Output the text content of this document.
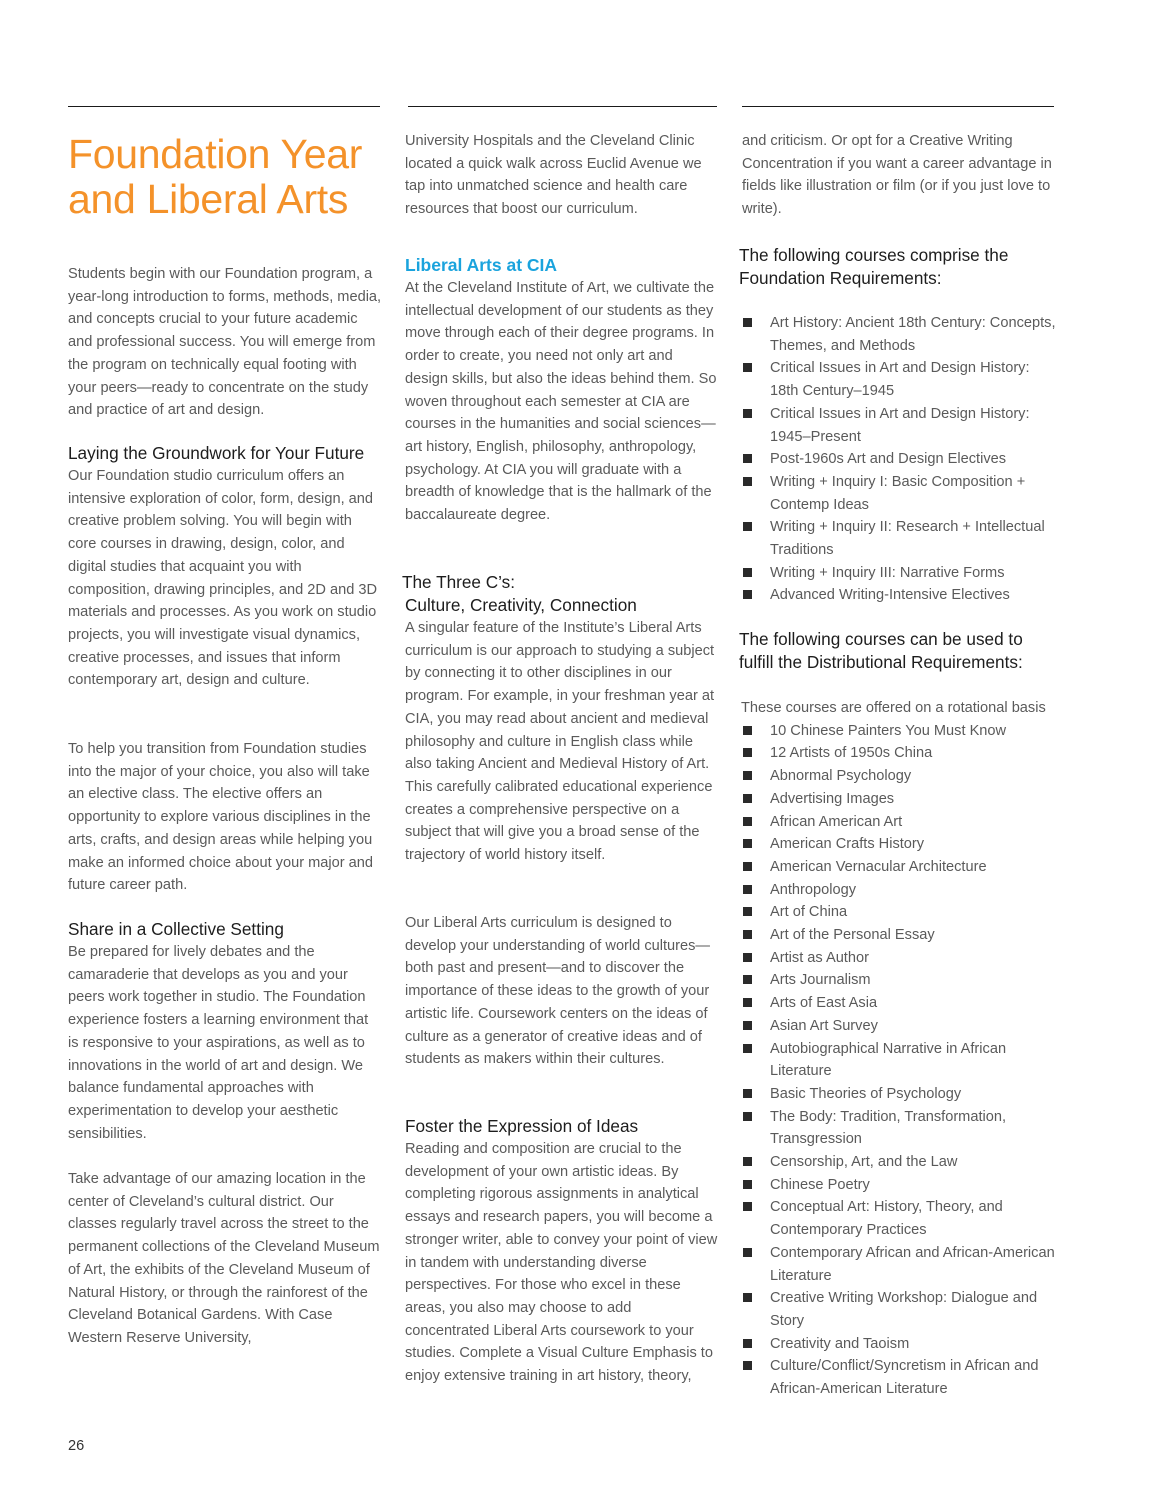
Foundation Year and Liberal Arts

Students begin with our Foundation program, a year-long introduction to forms, methods, media, and concepts crucial to your future academic and professional success. You will emerge from the program on technically equal footing with your peers—ready to concentrate on the study and practice of art and design.

Laying the Groundwork for Your Future

Our Foundation studio curriculum offers an intensive exploration of color, form, design, and creative problem solving. You will begin with core courses in drawing, design, color, and digital studies that acquaint you with composition, drawing principles, and 2D and 3D materials and processes. As you work on studio projects, you will investigate visual dynamics, creative processes, and issues that inform contemporary art, design and culture.

To help you transition from Foundation studies into the major of your choice, you also will take an elective class. The elective offers an opportunity to explore various disciplines in the arts, crafts, and design areas while helping you make an informed choice about your major and future career path.

Share in a Collective Setting

Be prepared for lively debates and the camaraderie that develops as you and your peers work together in studio. The Foundation experience fosters a learning environment that is responsive to your aspirations, as well as to innovations in the world of art and design. We balance fundamental approaches with experimentation to develop your aesthetic sensibilities.

Take advantage of our amazing location in the center of Cleveland’s cultural district. Our classes regularly travel across the street to the permanent collections of the Cleveland Museum of Art, the exhibits of the Cleveland Museum of Natural History, or through the rainforest of the Cleveland Botanical Gardens. With Case Western Reserve University,

University Hospitals and the Cleveland Clinic located a quick walk across Euclid Avenue we tap into unmatched science and health care resources that boost our curriculum.

Liberal Arts at CIA

At the Cleveland Institute of Art, we cultivate the intellectual development of our students as they move through each of their degree programs. In order to create, you need not only art and design skills, but also the ideas behind them. So woven throughout each semester at CIA are courses in the humanities and social sciences—art history, English, philosophy, anthropology, psychology. At CIA you will graduate with a breadth of knowledge that is the hallmark of the baccalaureate degree.

The Three C’s:
Culture, Creativity, Connection

A singular feature of the Institute’s Liberal Arts curriculum is our approach to studying a subject by connecting it to other disciplines in our program. For example, in your freshman year at CIA, you may read about ancient and medieval philosophy and culture in English class while also taking Ancient and Medieval History of Art. This carefully calibrated educational experience creates a comprehensive perspective on a subject that will give you a broad sense of the trajectory of world history itself.

Our Liberal Arts curriculum is designed to develop your understanding of world cultures—both past and present—and to discover the importance of these ideas to the growth of your artistic life. Coursework centers on the ideas of culture as a generator of creative ideas and of students as makers within their cultures.

Foster the Expression of Ideas

Reading and composition are crucial to the development of your own artistic ideas. By completing rigorous assignments in analytical essays and research papers, you will become a stronger writer, able to convey your point of view in tandem with understanding diverse perspectives. For those who excel in these areas, you also may choose to add concentrated Liberal Arts coursework to your studies. Complete a Visual Culture Emphasis to enjoy extensive training in art history, theory,

and criticism. Or opt for a Creative Writing Concentration if you want a career advantage in fields like illustration or film (or if you just love to write).

The following courses comprise the Foundation Requirements:
Art History: Ancient 18th Century: Concepts, Themes, and Methods
Critical Issues in Art and Design History: 18th Century–1945
Critical Issues in Art and Design History: 1945–Present
Post-1960s Art and Design Electives
Writing + Inquiry I: Basic Composition + Contemp Ideas
Writing + Inquiry II: Research + Intellectual Traditions
Writing + Inquiry III: Narrative Forms
Advanced Writing-Intensive Electives
The following courses can be used to fulfill the Distributional Requirements:

These courses are offered on a rotational basis

10 Chinese Painters You Must Know
12 Artists of 1950s China
Abnormal Psychology
Advertising Images
African American Art
American Crafts History
American Vernacular Architecture
Anthropology
Art of China
Art of the Personal Essay
Artist as Author
Arts Journalism
Arts of East Asia
Asian Art Survey
Autobiographical Narrative in African Literature
Basic Theories of Psychology
The Body: Tradition, Transformation, Transgression
Censorship, Art, and the Law
Chinese Poetry
Conceptual Art: History, Theory, and Contemporary Practices
Contemporary African and African-American Literature
Creative Writing Workshop: Dialogue and Story
Creativity and Taoism
Culture/Conflict/Syncretism in African and African-American Literature
26
